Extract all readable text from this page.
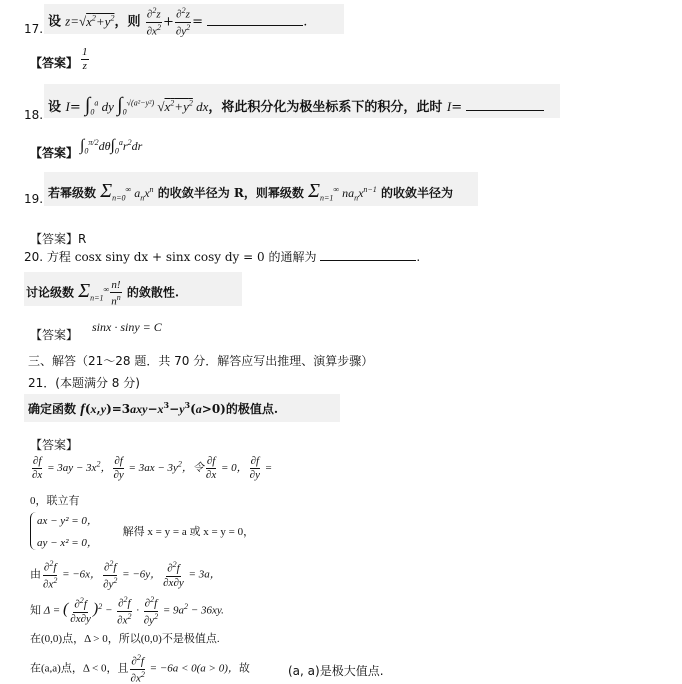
17. 设 $z=√x^2+y^2$，则 $\frac{\partial^2z}{\partial x^2} + \frac{\partial^2z}{\partial y^2}$ =	.
【答案】 $\frac{1}{z}$
18. 设 $I= \int_0^a$ dy $\int_0^{√(a^2-y^2)}$ $√x^2+y^2$ dx，将此积分化为极坐标系下的积分，此时 I=
【答案】 $\int_0^{\pi/2}d\theta\int_0^ar^2dr$
19. 若幂级数 $\Sigma_{n=0}^\infty$ $a_nx^n$ 的收敛半径为 R，则幂级数 $\Sigma_{n=1}^\infty$ $na_nx^{n-1}$ 的收敛半径为
【答案】R
20. 方程 cosx siny dx + sinx cosy dy = 0 的通解为	.
讨论级数 $\Sigma_{n=1}^\infty \frac{n!}{n^n}$ 的敛散性.
【答案】
sinx · siny = C
三、解答（21～28 题．共 70 分．解答应写出推理、演算步骤）
21．(本题满分 8 分)
确定函数 $f(x,y)=3axy-x^3-y^3(a>0)$的极值点.
【答案】
$\frac{\partial f}{\partial x} = 3ay - 3x^2$， $\frac{\partial f}{\partial y} = 3ax - 3y^2$，令 $\frac{\partial f}{\partial x} = 0$， $\frac{\partial f}{\partial y}$ =
0，联立有
ax − y² = 0，
ay − x² = 0，
解得 x = y = a 或 x = y = 0，
由 $\frac{\partial^2f}{\partial x^2} = -6x$， $\frac{\partial^2f}{\partial y^2} = -6y$， $\frac{\partial^2f}{\partial x\partial y} = 3a$，
知 Δ = ( $\frac{\partial^2f}{\partial x\partial y} )^2 - \frac{\partial^2f}{\partial x^2} \cdot \frac{\partial^2f}{\partial y^2} = 9a^2 - 36xy$.
在(0,0)点，Δ > 0，所以(0,0)不是极值点.
在(a,a)点，Δ < 0，且 $\frac{\partial^2f}{\partial x^2} = -6a < 0(a > 0)$，故	(a, a)是极大值点.
